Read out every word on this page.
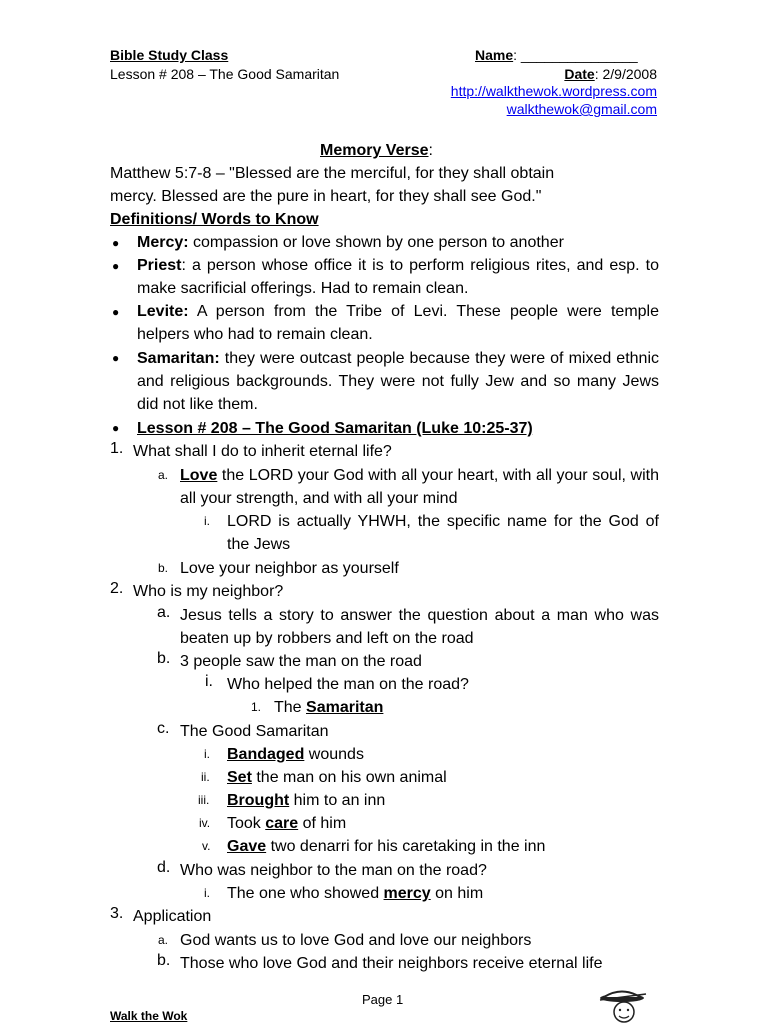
Bible Study Class
Lesson # 208 – The Good Samaritan
Name: _______________
Date: 2/9/2008
http://walkthewok.wordpress.com
walkthewok@gmail.com
Memory Verse:
Matthew 5:7-8 – "Blessed are the merciful, for they shall obtain
mercy. Blessed are the pure in heart, for they shall see God."
Definitions/ Words to Know
● Mercy: compassion or love shown by one person to another
● Priest: a person whose office it is to perform religious rites, and esp. to make sacrificial offerings. Had to remain clean.
● Levite: A person from the Tribe of Levi. These people were temple helpers who had to remain clean.
● Samaritan: they were outcast people because they were of mixed ethnic and religious backgrounds. They were not fully Jew and so many Jews did not like them.
● Lesson # 208 – The Good Samaritan (Luke 10:25-37)
1. What shall I do to inherit eternal life?
a. Love the LORD your God with all your heart, with all your soul, with all your strength, and with all your mind
i. LORD is actually YHWH, the specific name for the God of the Jews
b. Love your neighbor as yourself
2. Who is my neighbor?
a. Jesus tells a story to answer the question about a man who was beaten up by robbers and left on the road
b. 3 people saw the man on the road
i. Who helped the man on the road?
1. The Samaritan
c. The Good Samaritan
i. Bandaged wounds
ii. Set the man on his own animal
iii. Brought him to an inn
iv. Took care of him
v. Gave two denarri for his caretaking in the inn
d. Who was neighbor to the man on the road?
i. The one who showed mercy on him
3. Application
a. God wants us to love God and love our neighbors
b. Those who love God and their neighbors receive eternal life
Page 1
Walk the Wok
